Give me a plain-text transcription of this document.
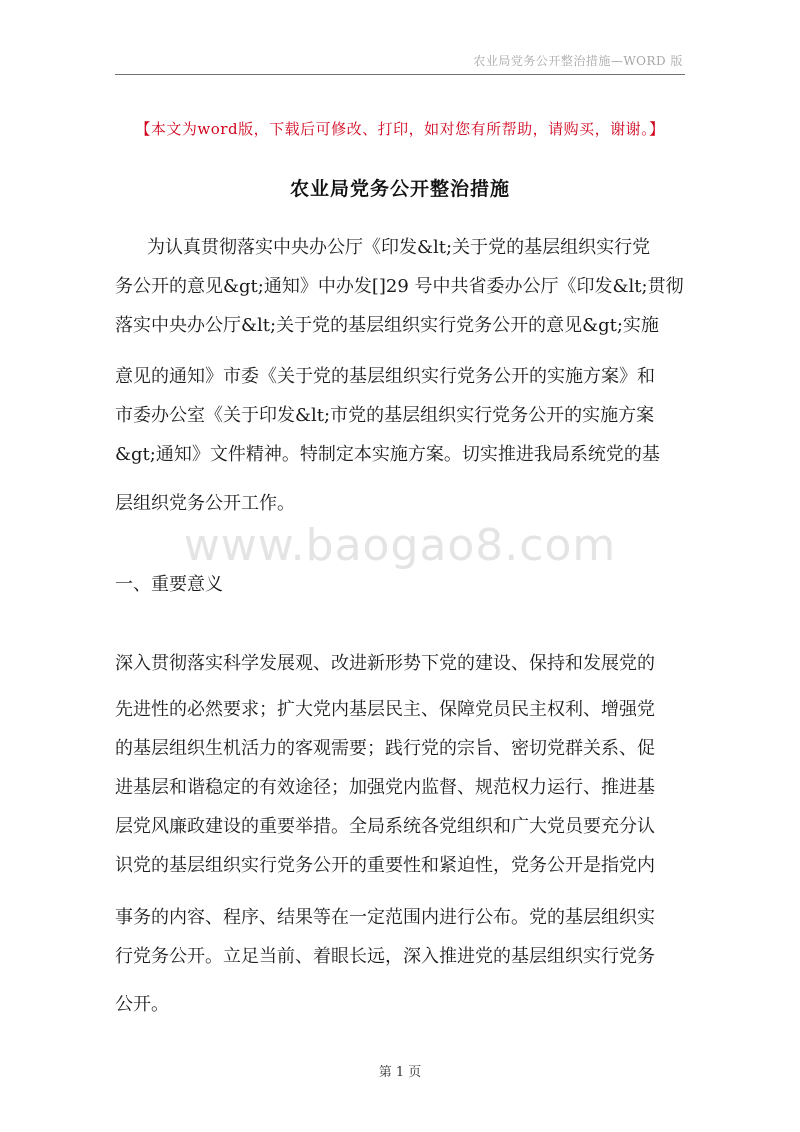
农业局党务公开整治措施—WORD 版
【本文为word版，下载后可修改、打印，如对您有所帮助，请购买，谢谢。】
农业局党务公开整治措施
为认真贯彻落实中央办公厅《印发&lt;关于党的基层组织实行党
务公开的意见&gt;通知》中办发[]29 号中共省委办公厅《印发&lt;贯彻
落实中央办公厅&lt;关于党的基层组织实行党务公开的意见&gt;实施
意见的通知》市委《关于党的基层组织实行党务公开的实施方案》和
市委办公室《关于印发&lt;市党的基层组织实行党务公开的实施方案
&gt;通知》文件精神。特制定本实施方案。切实推进我局系统党的基
层组织党务公开工作。
www.baogao8.com
一、重要意义
深入贯彻落实科学发展观、改进新形势下党的建设、保持和发展党的
先进性的必然要求；扩大党内基层民主、保障党员民主权利、增强党
的基层组织生机活力的客观需要；践行党的宗旨、密切党群关系、促
进基层和谐稳定的有效途径；加强党内监督、规范权力运行、推进基
层党风廉政建设的重要举措。全局系统各党组织和广大党员要充分认
识党的基层组织实行党务公开的重要性和紧迫性，党务公开是指党内
事务的内容、程序、结果等在一定范围内进行公布。党的基层组织实
行党务公开。立足当前、着眼长远，深入推进党的基层组织实行党务
公开。
第 1 页
